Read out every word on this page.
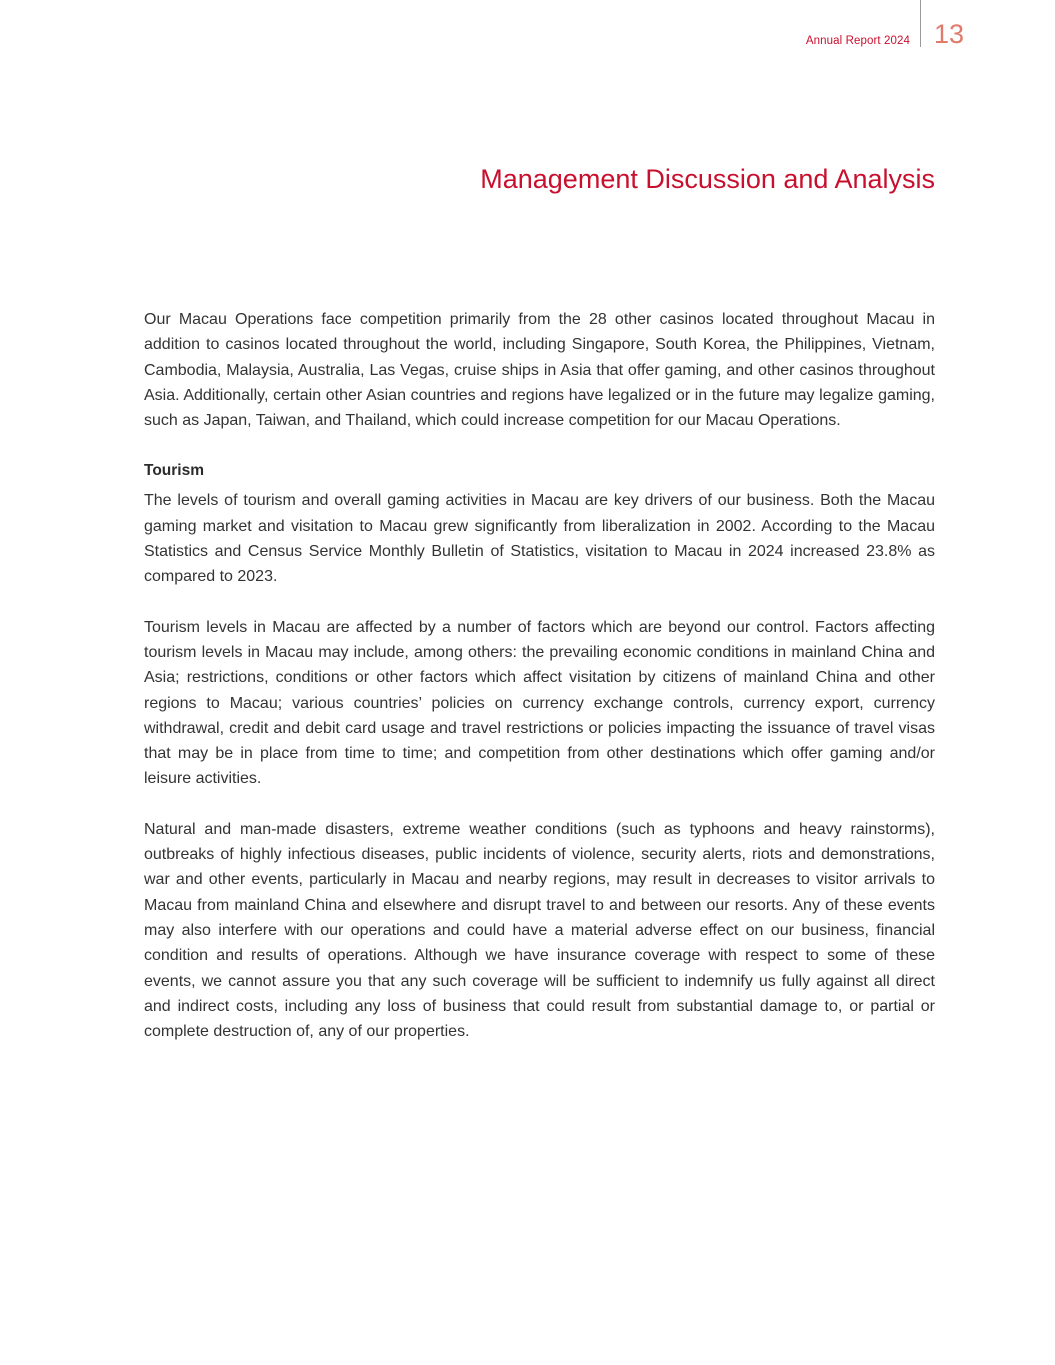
Annual Report 2024 13
Management Discussion and Analysis

Our Macau Operations face competition primarily from the 28 other casinos located throughout Macau in addition to casinos located throughout the world, including Singapore, South Korea, the Philippines, Vietnam, Cambodia, Malaysia, Australia, Las Vegas, cruise ships in Asia that offer gaming, and other casinos throughout Asia. Additionally, certain other Asian countries and regions have legalized or in the future may legalize gaming, such as Japan, Taiwan, and Thailand, which could increase competition for our Macau Operations.

Tourism

The levels of tourism and overall gaming activities in Macau are key drivers of our business. Both the Macau gaming market and visitation to Macau grew significantly from liberalization in 2002. According to the Macau Statistics and Census Service Monthly Bulletin of Statistics, visitation to Macau in 2024 increased 23.8% as compared to 2023.

Tourism levels in Macau are affected by a number of factors which are beyond our control. Factors affecting tourism levels in Macau may include, among others: the prevailing economic conditions in mainland China and Asia; restrictions, conditions or other factors which affect visitation by citizens of mainland China and other regions to Macau; various countries’ policies on currency exchange controls, currency export, currency withdrawal, credit and debit card usage and travel restrictions or policies impacting the issuance of travel visas that may be in place from time to time; and competition from other destinations which offer gaming and/or leisure activities.

Natural and man-made disasters, extreme weather conditions (such as typhoons and heavy rainstorms), outbreaks of highly infectious diseases, public incidents of violence, security alerts, riots and demonstrations, war and other events, particularly in Macau and nearby regions, may result in decreases to visitor arrivals to Macau from mainland China and elsewhere and disrupt travel to and between our resorts. Any of these events may also interfere with our operations and could have a material adverse effect on our business, financial condition and results of operations. Although we have insurance coverage with respect to some of these events, we cannot assure you that any such coverage will be sufficient to indemnify us fully against all direct and indirect costs, including any loss of business that could result from substantial damage to, or partial or complete destruction of, any of our properties.
